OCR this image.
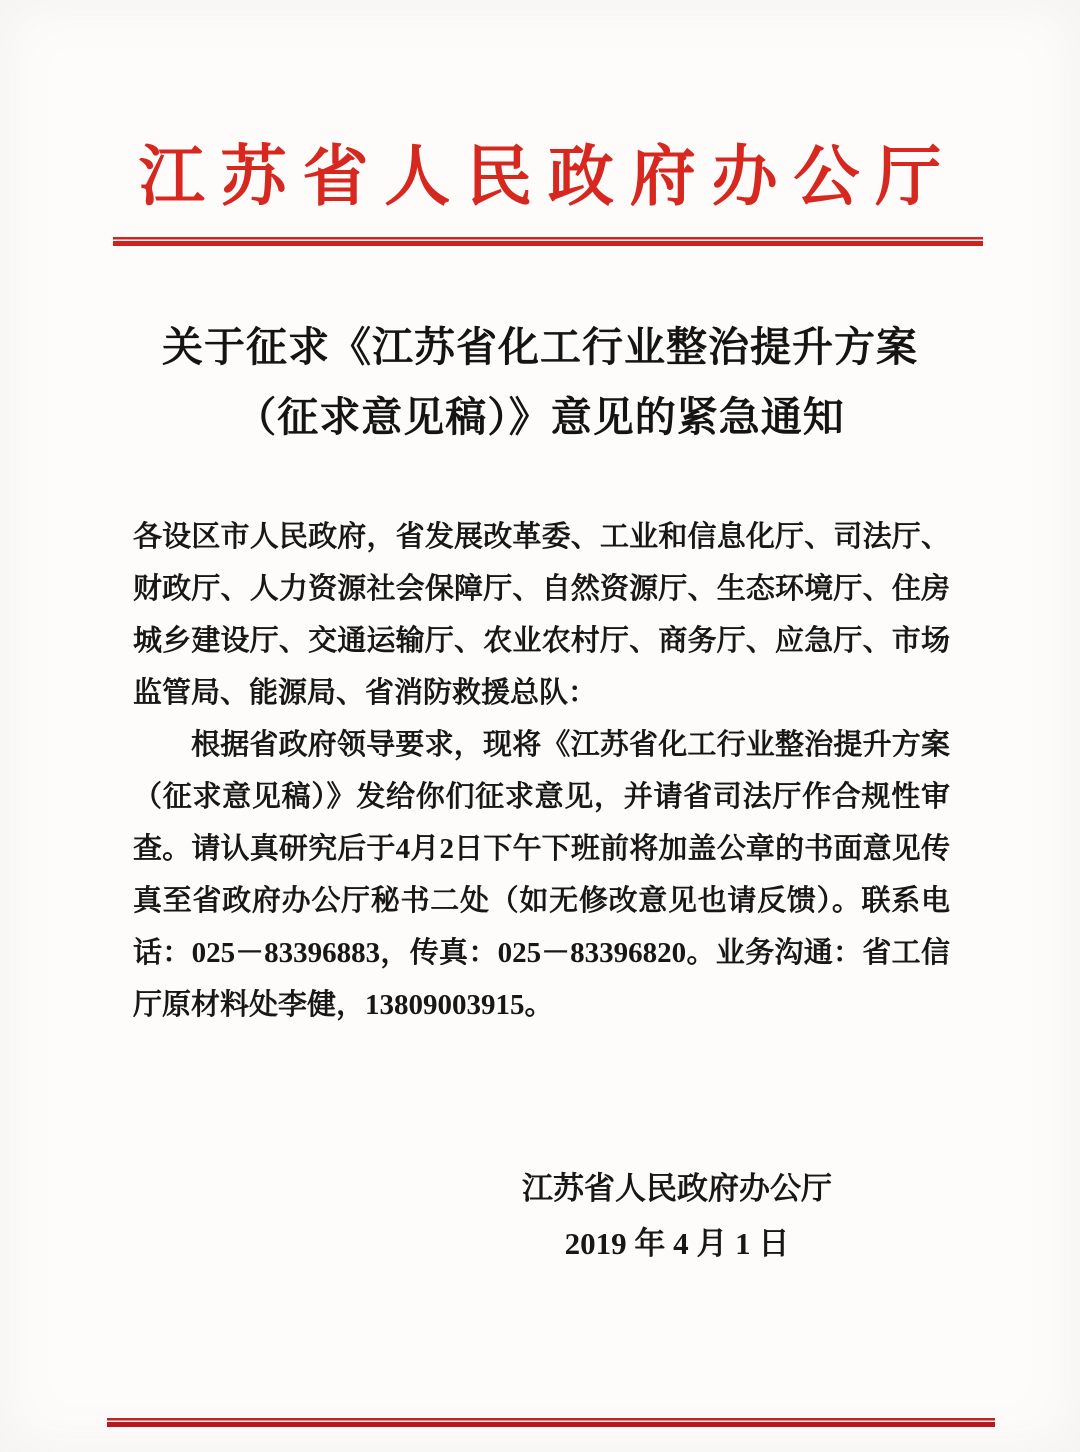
江苏省人民政府办公厅
关于征求《江苏省化工行业整治提升方案
（征求意见稿）》意见的紧急通知
各设区市人民政府，省发展改革委、工业和信息化厅、司法厅、
财政厅、人力资源社会保障厅、自然资源厅、生态环境厅、住房
城乡建设厅、交通运输厅、农业农村厅、商务厅、应急厅、市场
监管局、能源局、省消防救援总队：
根据省政府领导要求，现将《江苏省化工行业整治提升方案
（征求意见稿）》发给你们征求意见，并请省司法厅作合规性审
查。请认真研究后于4月2日下午下班前将加盖公章的书面意见传
真至省政府办公厅秘书二处（如无修改意见也请反馈）。联系电
话：025－83396883，传真：025－83396820。业务沟通：省工信
厅原材料处李健，13809003915。
江苏省人民政府办公厅
2019 年 4 月 1 日
